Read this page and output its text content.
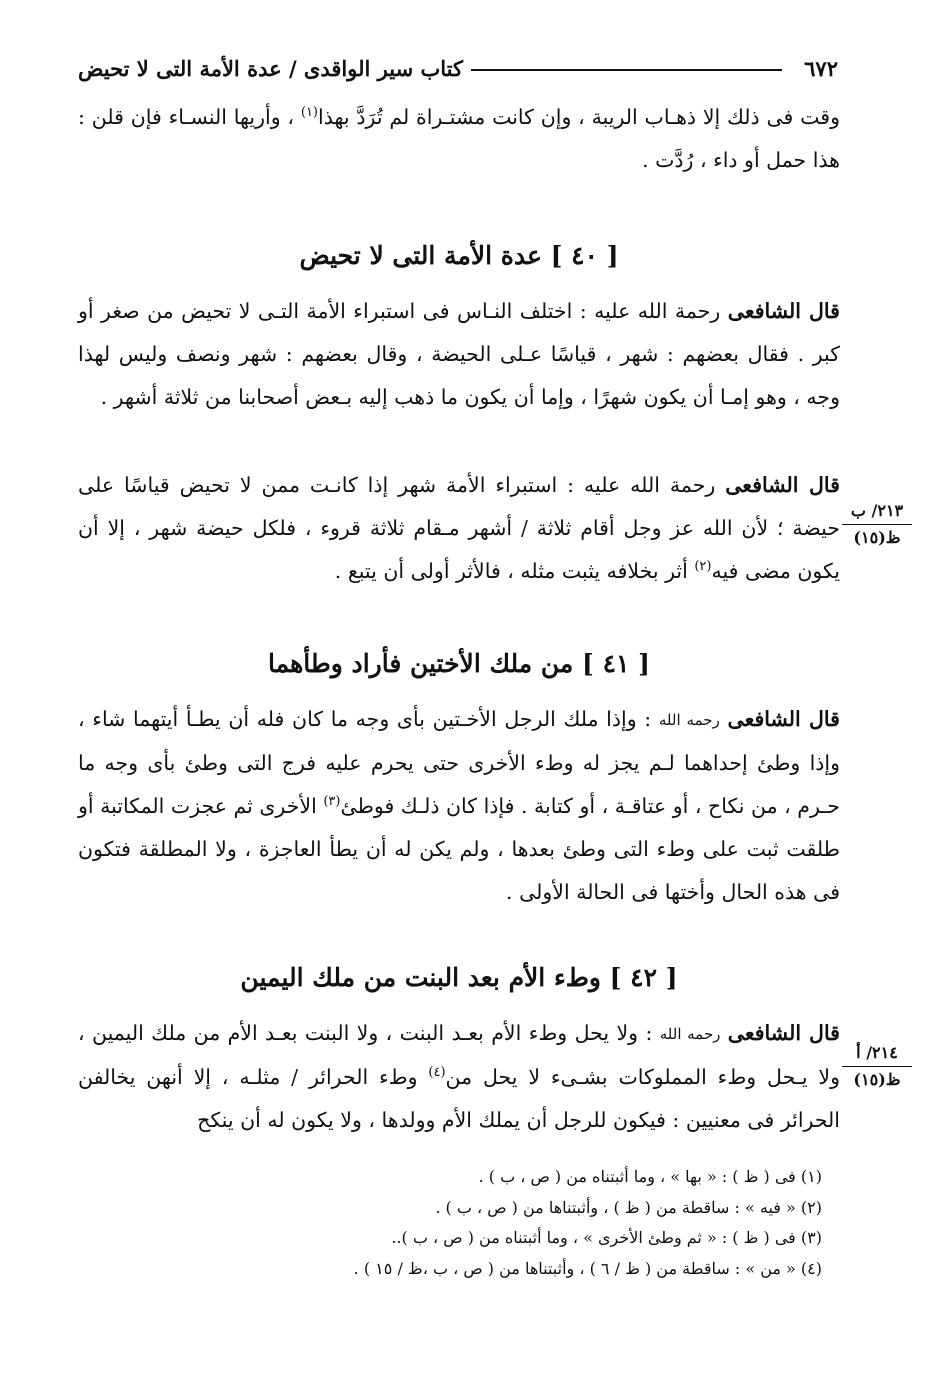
٦٧٢
كتاب سير الواقدى / عدة الأمة التى لا تحيض

وقت فى ذلك إلا ذهـاب الريبة ، وإن كانت مشتـراة لم تُرَدَّ بهذا$^{(١)}$ ، وأريها النسـاء فإن قلن : هذا حمل أو داء ، رُدَّت .

[ ٤٠ ] عدة الأمة التى لا تحيض

قال الشافعى رحمة الله عليه : اختلف النـاس فى استبراء الأمة التـى لا تحيض من صغر أو كبر . فقال بعضهم : شهر ، قياسًا عـلى الحيضة ، وقال بعضهم : شهر ونصف وليس لهذا وجه ، وهو إمـا أن يكون شهرًا ، وإما أن يكون ما ذهب إليه بـعض أصحابنا من ثلاثة أشهر .

قال الشافعى رحمة الله عليه : استبراء الأمة شهر إذا كانـت ممن لا تحيض قياسًا على حيضة ؛ لأن الله عز وجل أقام ثلاثة / أشهر مـقام ثلاثة قروء ، فلكل حيضة شهر ، إلا أن يكون مضى فيه$^{(٢)}$ أثر بخلافه يثبت مثله ، فالأثر أولى أن يتبع .

٢١٣/ ب
ظ(١٥)
[ ٤١ ] من ملك الأختين فأراد وطأهما

قال الشافعى رحمه الله : وإذا ملك الرجل الأخـتين بأى وجه ما كان فله أن يطـأ أيتهما شاء ، وإذا وطئ إحداهما لـم يجز له وطء الأخرى حتى يحرم عليه فرج التى وطئ بأى وجه ما حـرم ، من نكاح ، أو عتاقـة ، أو كتابة . فإذا كان ذلـك فوطئ$^{(٣)}$ الأخرى ثم عجزت المكاتبة أو طلقت ثبت على وطء التى وطئ بعدها ، ولم يكن له أن يطأ العاجزة ، ولا المطلقة فتكون فى هذه الحال وأختها فى الحالة الأولى .

[ ٤٢ ] وطء الأم بعد البنت من ملك اليمين

قال الشافعى رحمه الله : ولا يحل وطء الأم بعـد البنت ، ولا البنت بعـد الأم من ملك اليمين ، ولا يـحل وطء المملوكات بشـىء لا يحل من$^{(٤)}$ وطء الحرائر / مثلـه ، إلا أنهن يخالفن الحرائر فى معنيين : فيكون للرجل أن يملك الأم وولدها ، ولا يكون له أن ينكح

٢١٤/ أ
ظ(١٥)
(١) فى ( ظ ) : « بها » ، وما أثبتناه من ( ص ، ب ) .
(٢) « فيه » : ساقطة من ( ظ ) ، وأثبتناها من ( ص ، ب ) .
(٣) فى ( ظ ) : « ثم وطئ الأخرى » ، وما أثبتناه من ( ص ، ب )..
(٤) « من » : ساقطة من ( ظ / ٦ ) ، وأثبتناها من ( ص ، ب ،ظ / ١٥ ) .
